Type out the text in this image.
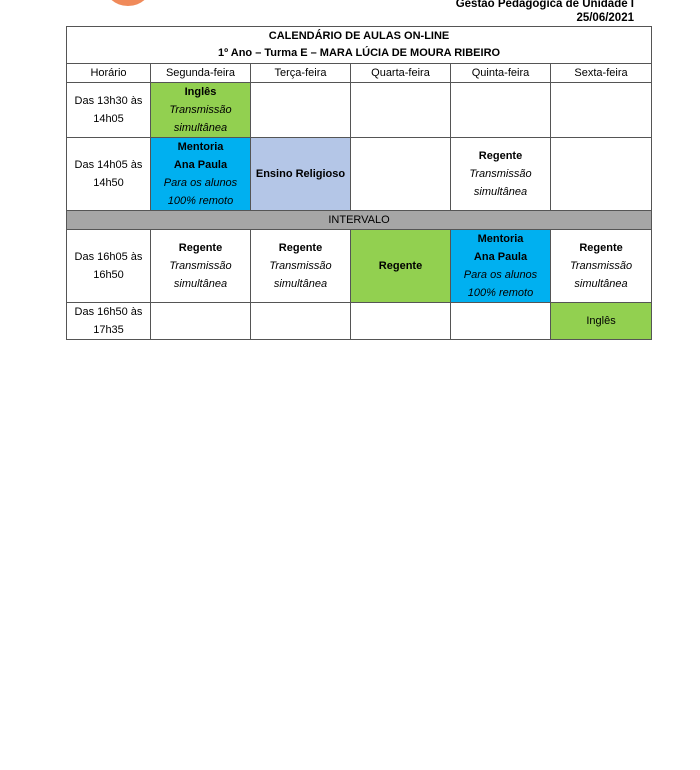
Gestão Pedagógica de Unidade I
25/06/2021
CALENDÁRIO DE AULAS ON-LINE
1º Ano – Turma E – MARA LÚCIA DE MOURA RIBEIRO					

Horário	Segunda-feira	Terça-feira	Quarta-feira	Quinta-feira	Sexta-feira

Das 13h30 às
14h05	Inglês
Transmissão
simultânea				

Das 14h05 às
14h50	Mentoria
Ana Paula
Para os alunos
100% remoto	Ensino Religioso		Regente
Transmissão
simultânea	

INTERVALO					

Das 16h05 às
16h50	Regente
Transmissão
simultânea	Regente
Transmissão
simultânea	Regente	Mentoria
Ana Paula
Para os alunos
100% remoto	Regente
Transmissão
simultânea

Das 16h50 às
17h35					Inglês
